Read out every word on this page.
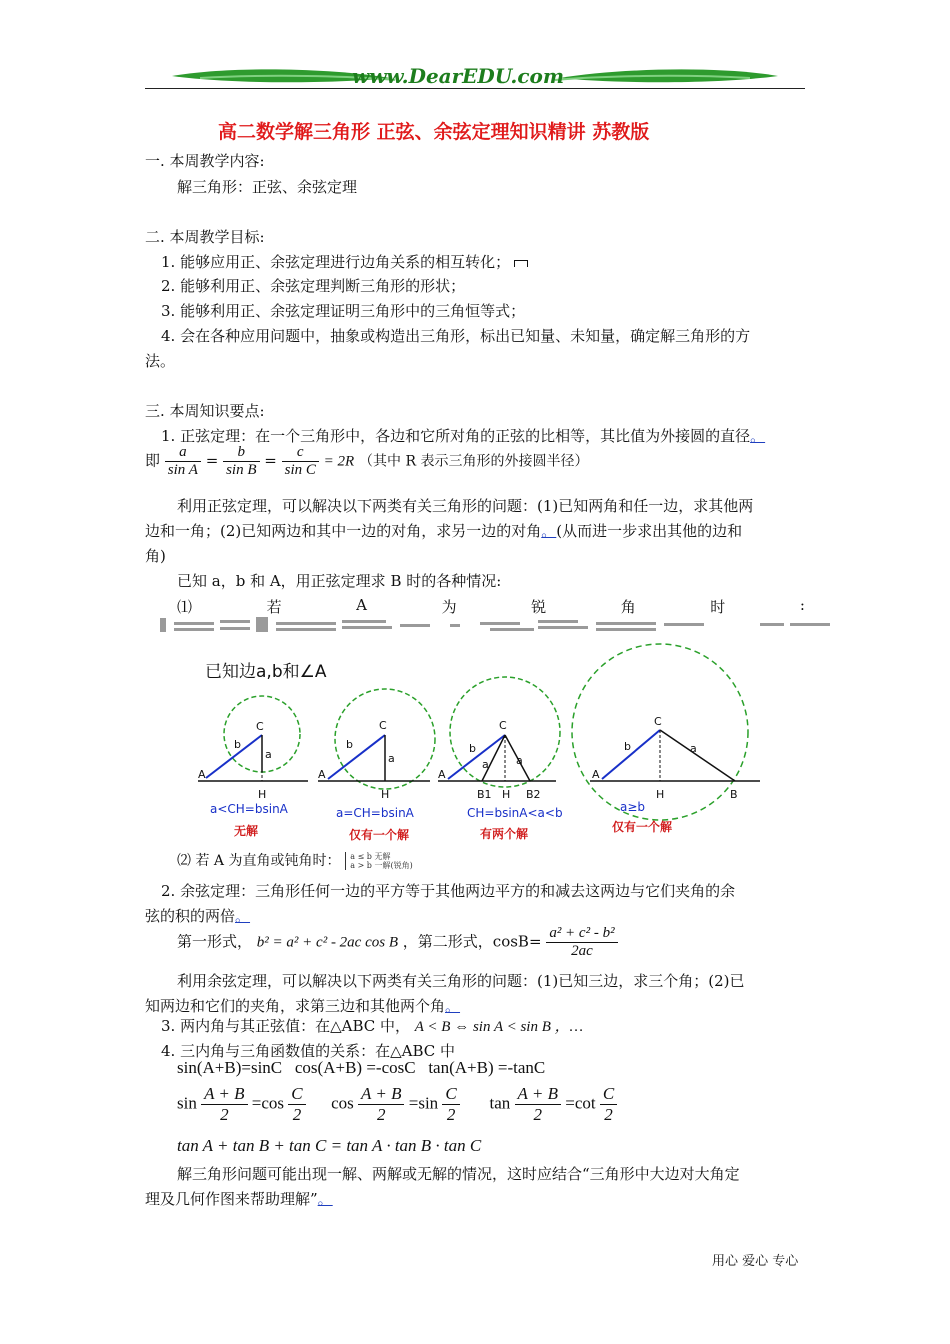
www.DearEDU.com
高二数学解三角形 正弦、余弦定理知识精讲 苏教版
一. 本周教学内容:
解三角形：正弦、余弦定理
二. 本周教学目标:
1. 能够应用正、余弦定理进行边角关系的相互转化；
2. 能够利用正、余弦定理判断三角形的形状；
3. 能够利用正、余弦定理证明三角形中的三角恒等式；
4. 会在各种应用问题中，抽象或构造出三角形，标出已知量、未知量，确定解三角形的方
法。
三. 本周知识要点:
1. 正弦定理：在一个三角形中，各边和它所对角的正弦的比相等，其比值为外接圆的直径。
即 $\frac{a}{\text{sin A}} = \frac{b}{\text{sin B}} = \frac{c}{\text{sin C}} = 2R$ （其中 R 表示三角形的外接圆半径）
利用正弦定理，可以解决以下两类有关三角形的问题：(1)已知两角和任一边，求其他两
边和一角；(2)已知两边和其中一边的对角，求另一边的对角。(从而进一步求出其他的边和
角)
已知 a，b 和 A，用正弦定理求 B 时的各种情况:
⑴	若	A	为	锐	角	时	:
已知边a,b和∠A
A
C
b
a
H
A
C
b
a
H
A
C
b
a a
B1 H B2
A
C
b	a
H	B
a<CH=bsinA
无解
a=CH=bsinA
仅有一个解
CH=bsinA<a<b
有两个解
a≥b
仅有一个解
⑵ 若 A 为直角或钝角时： a ≤ b 无解
a > b 一解(锐角)
2. 余弦定理：三角形任何一边的平方等于其他两边平方的和减去这两边与它们夹角的余
弦的积的两倍。
第一形式， b² = a² + c² - 2ac cos B ，第二形式，$\cos B= \frac{\text{a² + c² - b²}}{2ac}$
利用余弦定理，可以解决以下两类有关三角形的问题：(1)已知三边，求三个角；(2)已
知两边和它们的夹角，求第三边和其他两个角。
3. 两内角与其正弦值：在△ABC 中， A < B ⇔ sin A < sin B ，…
4. 三内角与三角函数值的关系：在△ABC 中
sin(A+B)=sinC cos(A+B) =-cosC tan(A+B) =-tanC
$\sin \frac{A + B}{2} =\cos \frac{C}{2}$ $\cos \frac{A + B}{2} =\sin \frac{C}{2}$ $\tan \frac{A + B}{2} =\cot \frac{C}{2}$
tan A + tan B + tan C = tan A · tan B · tan C
解三角形问题可能出现一解、两解或无解的情况，这时应结合“三角形中大边对大角定
理及几何作图来帮助理解”。
用心 爱心 专心
